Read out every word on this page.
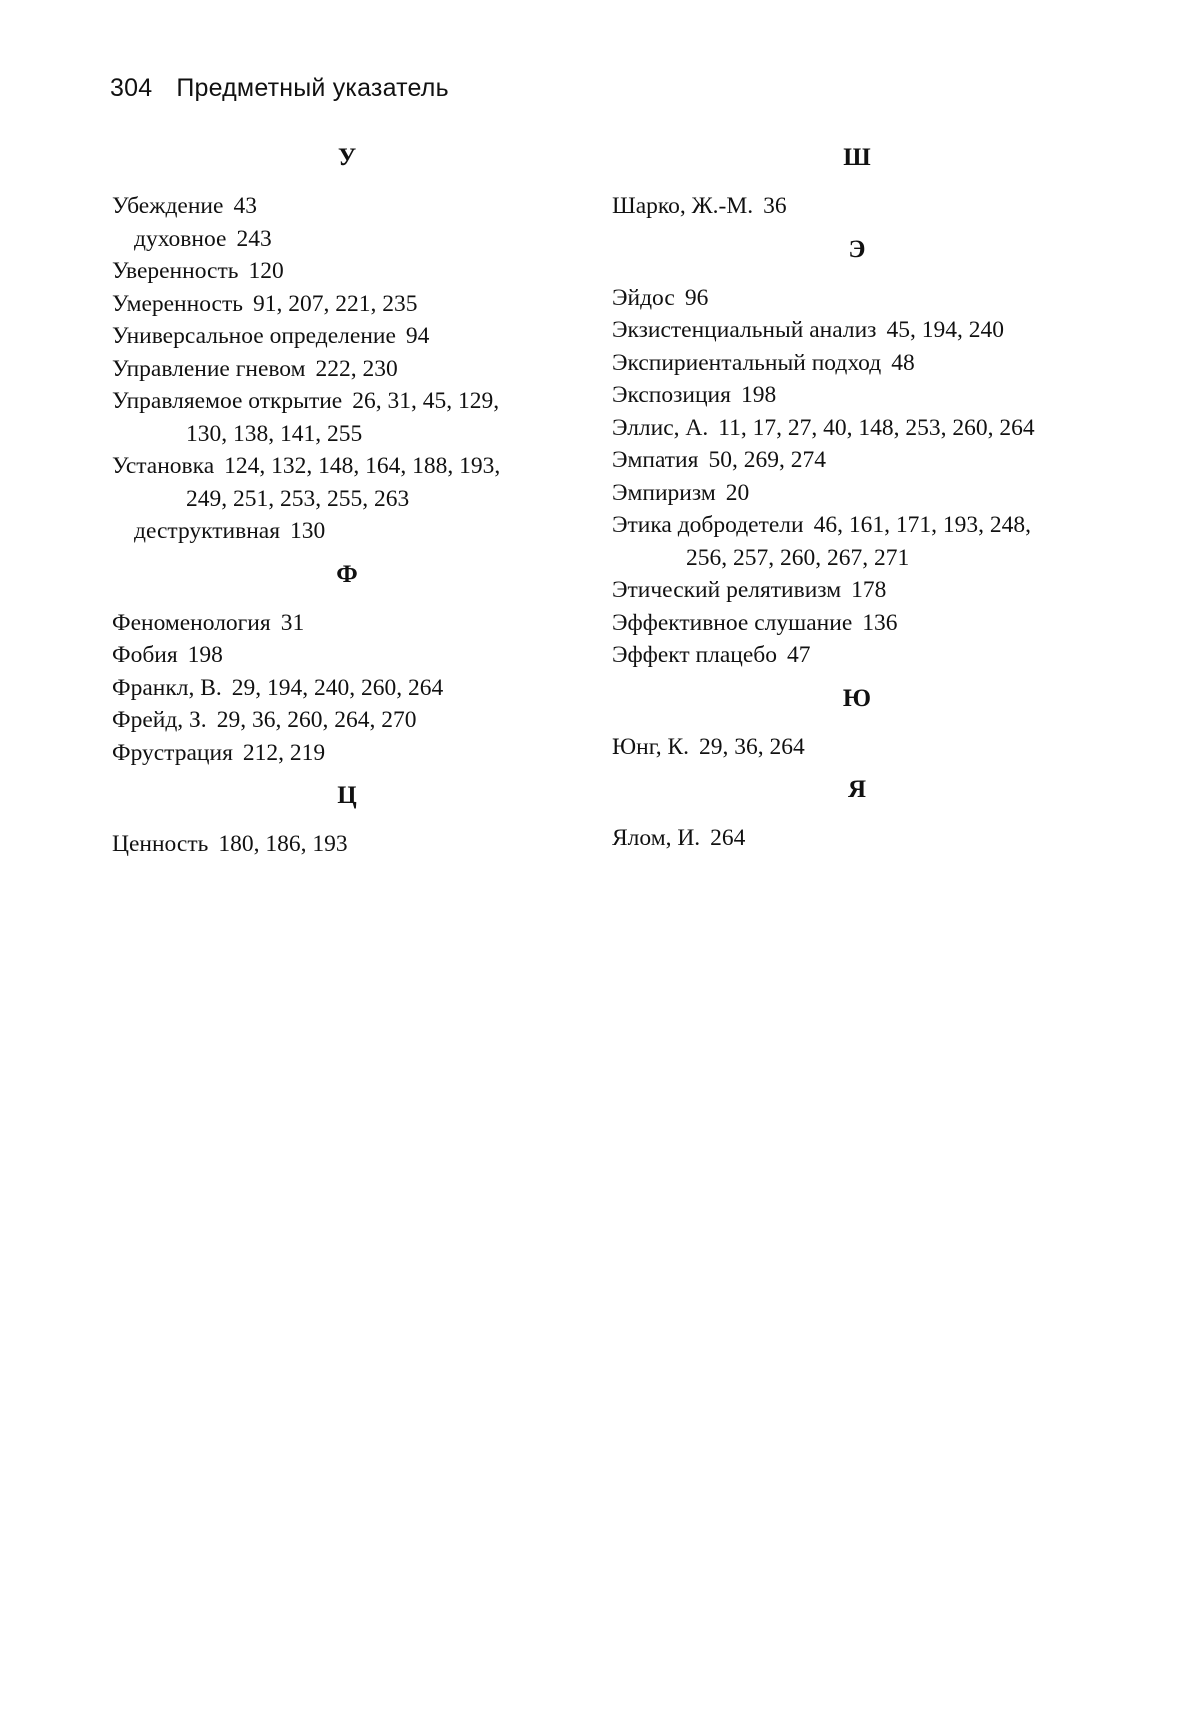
304 Предметный указатель
У
Убеждение 43
духовное 243
Уверенность 120
Умеренность 91, 207, 221, 235
Универсальное определение 94
Управление гневом 222, 230
Управляемое открытие 26, 31, 45, 129,
130, 138, 141, 255
Установка 124, 132, 148, 164, 188, 193,
249, 251, 253, 255, 263
деструктивная 130
Ф
Феноменология 31
Фобия 198
Франкл, В. 29, 194, 240, 260, 264
Фрейд, З. 29, 36, 260, 264, 270
Фрустрация 212, 219
Ц
Ценность 180, 186, 193
Ш
Шарко, Ж.-М. 36
Э
Эйдос 96
Экзистенциальный анализ 45, 194, 240
Экспириентальный подход 48
Экспозиция 198
Эллис, А. 11, 17, 27, 40, 148, 253, 260, 264
Эмпатия 50, 269, 274
Эмпиризм 20
Этика добродетели 46, 161, 171, 193, 248,
256, 257, 260, 267, 271
Этический релятивизм 178
Эффективное слушание 136
Эффект плацебо 47
Ю
Юнг, К. 29, 36, 264
Я
Ялом, И. 264
